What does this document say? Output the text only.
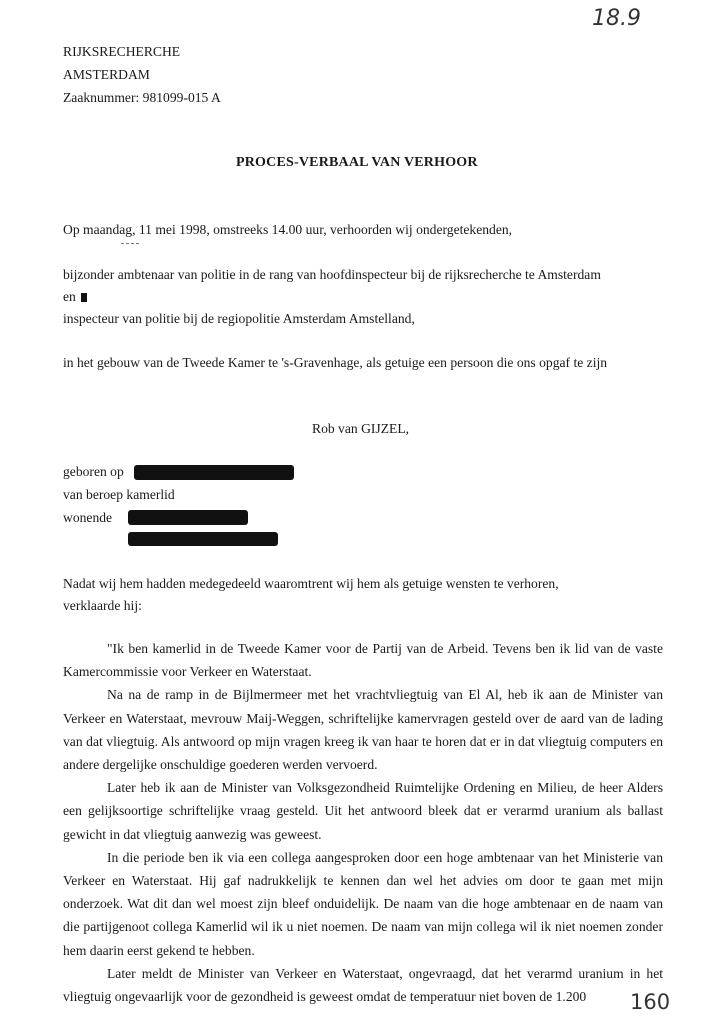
18.9
RIJKSRECHERCHE
AMSTERDAM
Zaaknummer: 981099-015 A
PROCES-VERBAAL VAN VERHOOR
Op maandag, 11 mei 1998, omstreeks 14.00 uur, verhoorden wij ondergetekenden,
bijzonder ambtenaar van politie in de rang van hoofdinspecteur bij de rijksrecherche te Amsterdam
en
inspecteur van politie bij de regiopolitie Amsterdam Amstelland,
in het gebouw van de Tweede Kamer te 's-Gravenhage, als getuige een persoon die ons opgaf te zijn
Rob van GIJZEL,
geboren op
van beroep kamerlid
wonende
Nadat wij hem hadden medegedeeld waaromtrent wij hem als getuige wensten te verhoren,
verklaarde hij:

"Ik ben kamerlid in de Tweede Kamer voor de Partij van de Arbeid. Tevens ben ik lid van de vaste Kamercommissie voor Verkeer en Waterstaat.

Na na de ramp in de Bijlmermeer met het vrachtvliegtuig van El Al, heb ik aan de Minister van Verkeer en Waterstaat, mevrouw Maij-Weggen, schriftelijke kamervragen gesteld over de aard van de lading van dat vliegtuig. Als antwoord op mijn vragen kreeg ik van haar te horen dat er in dat vliegtuig computers en andere dergelijke onschuldige goederen werden vervoerd.

Later heb ik aan de Minister van Volksgezondheid Ruimtelijke Ordening en Milieu, de heer Alders een gelijksoortige schriftelijke vraag gesteld. Uit het antwoord bleek dat er verarmd uranium als ballast gewicht in dat vliegtuig aanwezig was geweest.

In die periode ben ik via een collega aangesproken door een hoge ambtenaar van het Ministerie van Verkeer en Waterstaat. Hij gaf nadrukkelijk te kennen dan wel het advies om door te gaan met mijn onderzoek. Wat dit dan wel moest zijn bleef onduidelijk. De naam van die hoge ambtenaar en de naam van die partijgenoot collega Kamerlid wil ik u niet noemen. De naam van mijn collega wil ik niet noemen zonder hem daarin eerst gekend te hebben.

Later meldt de Minister van Verkeer en Waterstaat, ongevraagd, dat het verarmd uranium in het vliegtuig ongevaarlijk voor de gezondheid is geweest omdat de temperatuur niet boven de 1.200	160
